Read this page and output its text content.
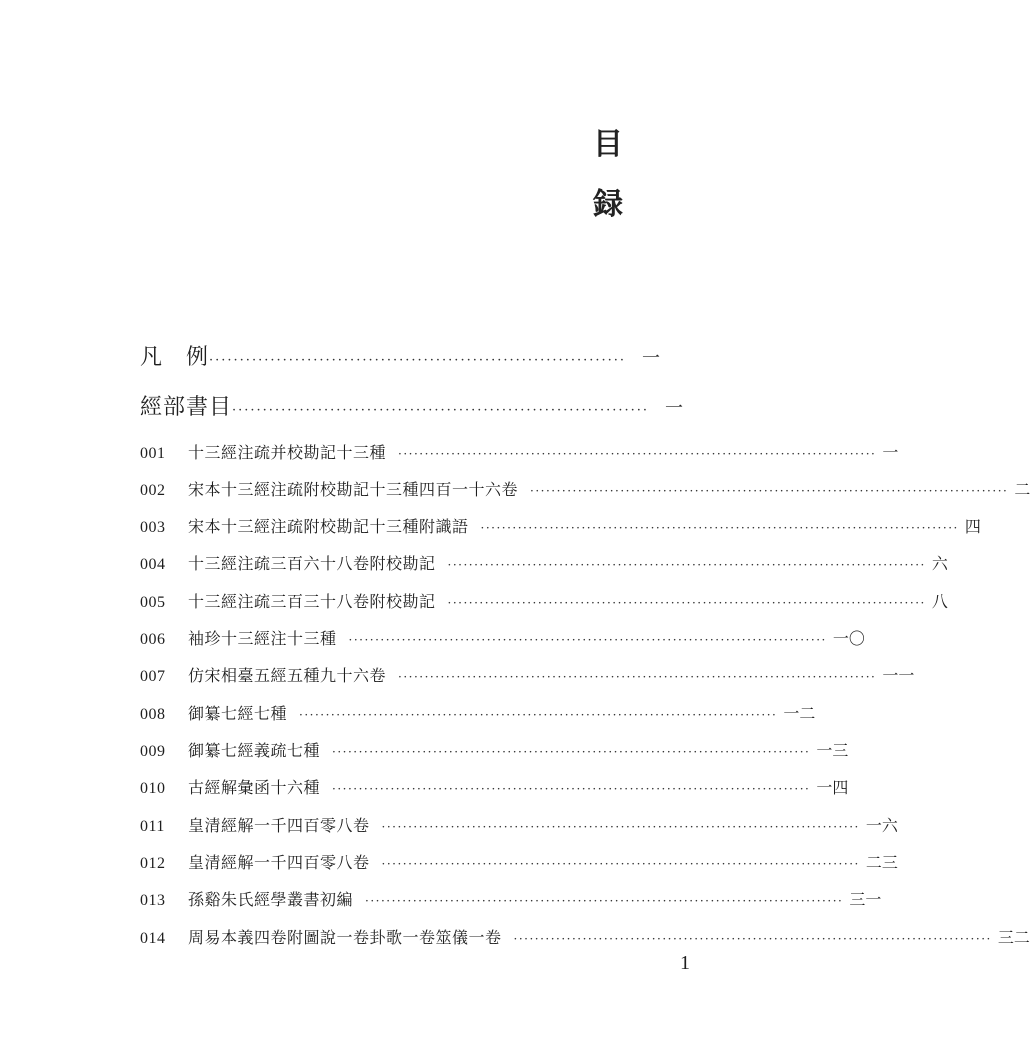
目
録
凡　例 ···································································· 一
經部書目 ···································································· 一
001	十三經注疏并校勘記十三種 ·························································································· 一
002	宋本十三經注疏附校勘記十三種四百一十六卷 ·························································································· 二
003	宋本十三經注疏附校勘記十三種附識語 ·························································································· 四
004	十三經注疏三百六十八卷附校勘記 ·························································································· 六
005	十三經注疏三百三十八卷附校勘記 ·························································································· 八
006	袖珍十三經注十三種 ·························································································· 一〇
007	仿宋相臺五經五種九十六卷 ·························································································· 一一
008	御纂七經七種 ·························································································· 一二
009	御纂七經義疏七種 ·························································································· 一三
010	古經解彙函十六種 ·························································································· 一四
011	皇清經解一千四百零八卷 ·························································································· 一六
012	皇清經解一千四百零八卷 ·························································································· 二三
013	孫谿朱氏經學叢書初編 ·························································································· 三一
014	周易本義四卷附圖說一卷卦歌一卷筮儀一卷 ·························································································· 三二
1
